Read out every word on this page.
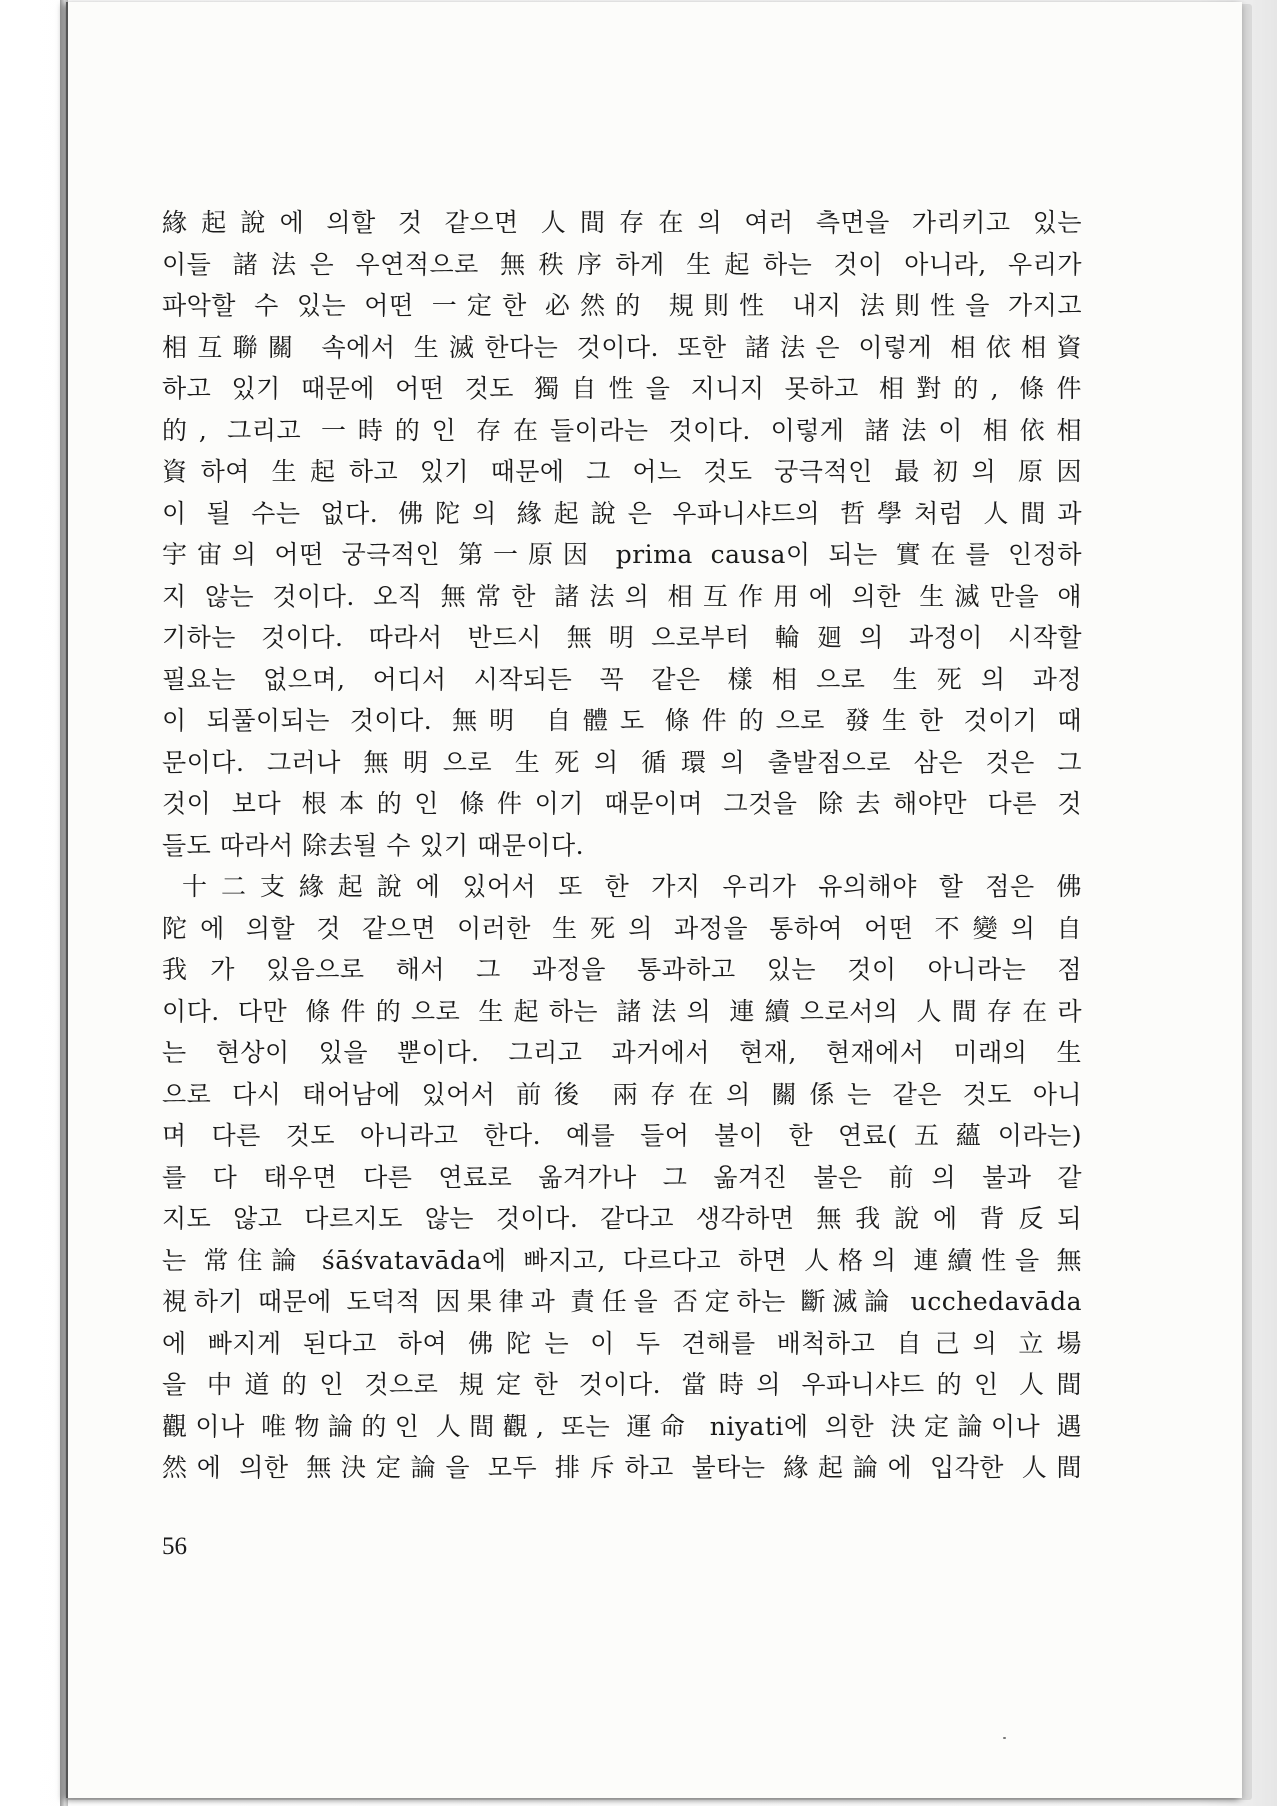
緣起說에 의할 것 같으면 人間存在의 여러 측면을 가리키고 있는
이들 諸法은 우연적으로 無秩序하게 生起하는 것이 아니라, 우리가
파악할 수 있는 어떤 一定한 必然的 規則性 내지 法則性을 가지고
相互聯關 속에서 生滅한다는 것이다. 또한 諸法은 이렇게 相依相資
하고 있기 때문에 어떤 것도 獨自性을 지니지 못하고 相對的, 條件
的, 그리고 一時的인 存在들이라는 것이다. 이렇게 諸法이 相依相
資하여 生起하고 있기 때문에 그 어느 것도 궁극적인 最初의 原因
이 될 수는 없다. 佛陀의 緣起說은 우파니샤드의 哲學처럼 人間과
宇宙의 어떤 궁극적인 第一原因 prima causa이 되는 實在를 인정하
지 않는 것이다. 오직 無常한 諸法의 相互作用에 의한 生滅만을 얘
기하는 것이다. 따라서 반드시 無明으로부터 輪廻의 과정이 시작할
필요는 없으며, 어디서 시작되든 꼭 같은 樣相으로 生死의 과정
이 되풀이되는 것이다. 無明 自體도 條件的으로 發生한 것이기 때
문이다. 그러나 無明으로 生死의 循環의 출발점으로 삼은 것은 그
것이 보다 根本的인 條件이기 때문이며 그것을 除去해야만 다른 것
들도 따라서 除去될 수 있기 때문이다.
十二支緣起說에 있어서 또 한 가지 우리가 유의해야 할 점은 佛
陀에 의할 것 같으면 이러한 生死의 과정을 통하여 어떤 不變의 自
我가 있음으로 해서 그 과정을 통과하고 있는 것이 아니라는 점
이다. 다만 條件的으로 生起하는 諸法의 連續으로서의 人間存在라
는 현상이 있을 뿐이다. 그리고 과거에서 현재, 현재에서 미래의 生
으로 다시 태어남에 있어서 前後 兩存在의 關係는 같은 것도 아니
며 다른 것도 아니라고 한다. 예를 들어 불이 한 연료(五蘊이라는)
를 다 태우면 다른 연료로 옮겨가나 그 옮겨진 불은 前의 불과 같
지도 않고 다르지도 않는 것이다. 같다고 생각하면 無我說에 背反되
는 常住論 śāśvatavāda에 빠지고, 다르다고 하면 人格의 連續性을 無
視하기 때문에 도덕적 因果律과 責任을 否定하는 斷滅論 ucchedavāda
에 빠지게 된다고 하여 佛陀는 이 두 견해를 배척하고 自己의 立場
을 中道的인 것으로 規定한 것이다. 當時의 우파니샤드的인 人間
觀이나 唯物論的인 人間觀, 또는 運命 niyati에 의한 決定論이나 遇
然에 의한 無決定論을 모두 排斥하고 불타는 緣起論에 입각한 人間
56
